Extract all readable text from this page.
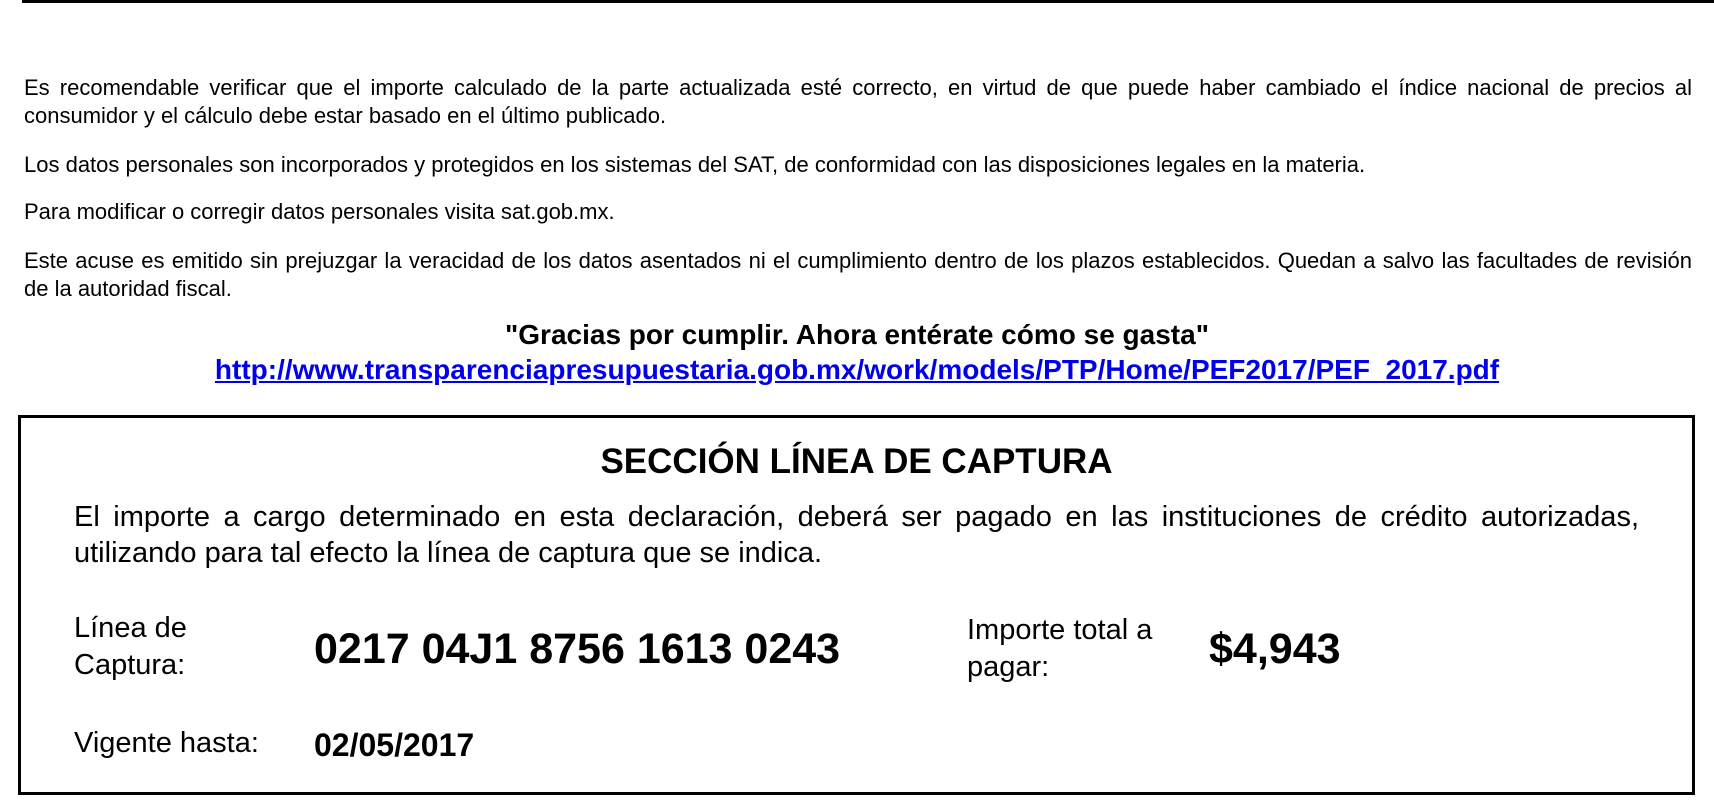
Es recomendable verificar que el importe calculado de la parte actualizada esté correcto, en virtud de que puede haber cambiado el índice nacional de precios al consumidor y el cálculo debe estar basado en el último publicado.

Los datos personales son incorporados y protegidos en los sistemas del SAT, de conformidad con las disposiciones legales en la materia.

Para modificar o corregir datos personales visita sat.gob.mx.

Este acuse es emitido sin prejuzgar la veracidad de los datos asentados ni el cumplimiento dentro de los plazos establecidos. Quedan a salvo las facultades de revisión de la autoridad fiscal.

"Gracias por cumplir. Ahora entérate cómo se gasta"

http://www.transparenciapresupuestaria.gob.mx/work/models/PTP/Home/PEF2017/PEF_2017.pdf

SECCIÓN LÍNEA DE CAPTURA

El importe a cargo determinado en esta declaración, deberá ser pagado en las instituciones de crédito autorizadas, utilizando para tal efecto la línea de captura que se indica.

Línea de Captura:	0217 04J1 8756 1613 0243	Importe total a pagar:	$4,943

Vigente hasta: 02/05/2017
